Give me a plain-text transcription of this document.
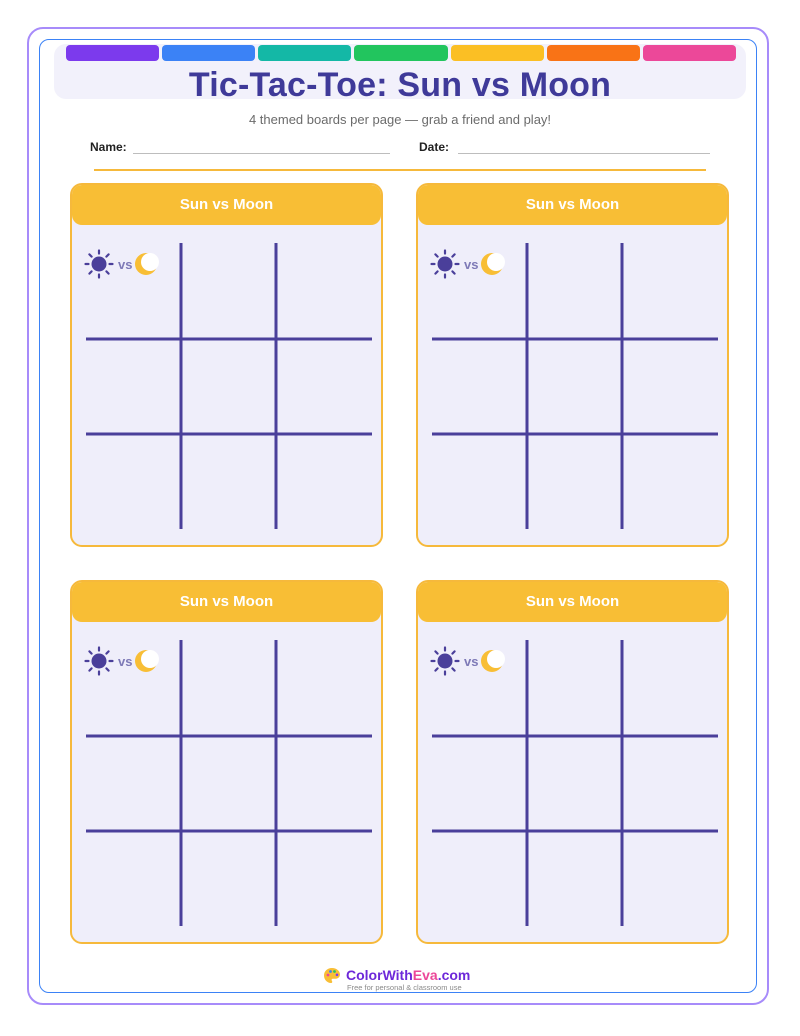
Tic-Tac-Toe: Sun vs Moon
4 themed boards per page — grab a friend and play!
Name:	Date:
Sun vs Moon
vs
Sun vs Moon
vs
Sun vs Moon
vs
Sun vs Moon
vs
ColorWithEva.com
Free for personal & classroom use
